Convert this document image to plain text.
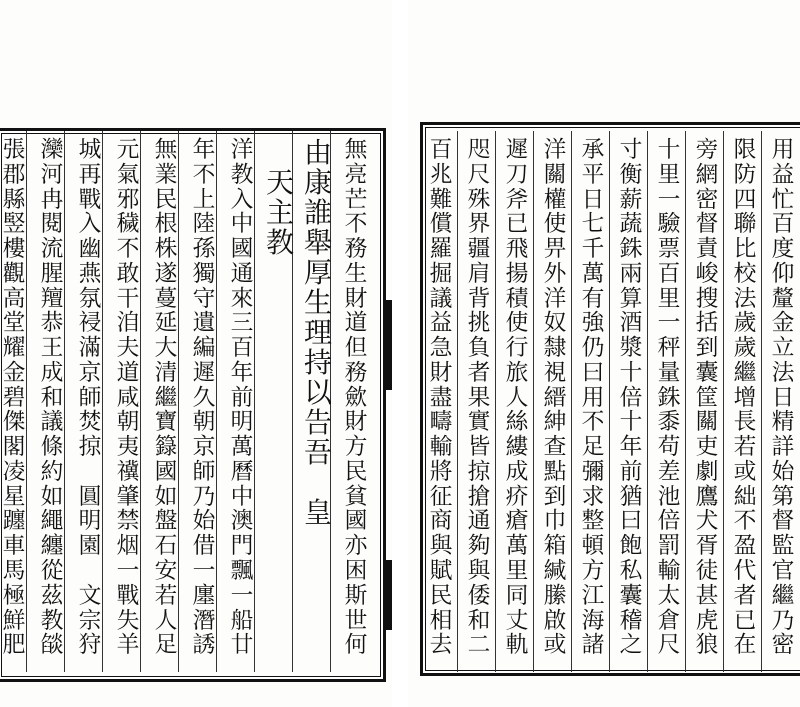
無
亮
芒
不
務
生
財
道
但
務
歛
財
方
民
貧
國
亦
困
斯
世
何
由
康
誰
舉
厚
生
理
持
以
告
吾

皇

天
主
教
洋
教
入
中
國
通
來
三
百
年
前
明
萬
曆
中
澳
門
飄
一
船
廿
年
不
上
陸
孫
獨
守
遺
編
遲
久
朝
京
師
乃
始
借
一
廛
潛
誘
無
業
民
根
株
遂
蔓
延
大
清
繼
寶
籙
國
如
盤
石
安
若
人
足
元
氣
邪
穢
不
敢
干
洎
夫
道
咸
朝
夷
𥜥
肇
禁
烟
一
戰
失
羊
城
再
戰
入
幽
燕
氛
祲
滿
京
師
焚
掠

圓
明
園

文
宗
狩
灤
河
冉
閱
流
腥
羶
恭
王
成
和
議
條
約
如
繩
纏
從
茲
教
燄
張
郡
縣
竪
樓
觀
高
堂
耀
金
碧
傑
閣
凌
星
躔
車
馬
極
鮮
肥
用
益
忙
百
度
仰
釐
金
立
法
日
精
詳
始
第
督
監
官
繼
乃
密
限
防
四
聯
比
校
法
歲
歲
繼
增
長
若
或
絀
不
盈
代
者
已
在
旁
網
密
督
責
峻
搜
括
到
囊
筐
關
吏
劇
鷹
犬
胥
徒
甚
虎
狼
十
里
一
驗
票
百
里
一
秤
量
銖
黍
苟
差
池
倍
罰
輸
太
倉
尺
寸
衡
薪
蔬
銖
兩
算
酒
漿
十
倍
十
年
前
猶
曰
飽
私
囊
稽
之
承
平
日
七
千
萬
有
強
仍
曰
用
不
足
彌
求
整
頓
方
江
海
諸
洋
關
權
使
畀
外
洋
奴
隸
視
縉
紳
查
點
到
巾
箱
緘
縢
啟
或
遲
刀
斧
已
飛
揚
積
使
行
旅
人
絲
縷
成
疥
瘡
萬
里
同
丈
軌
咫
尺
殊
界
疆
肩
背
挑
負
者
果
實
皆
掠
搶
通
夠
與
倭
和
二
百
兆
難
償
羅
掘
議
益
急
財
盡
疇
輸
將
征
商
與
賦
民
相
去
